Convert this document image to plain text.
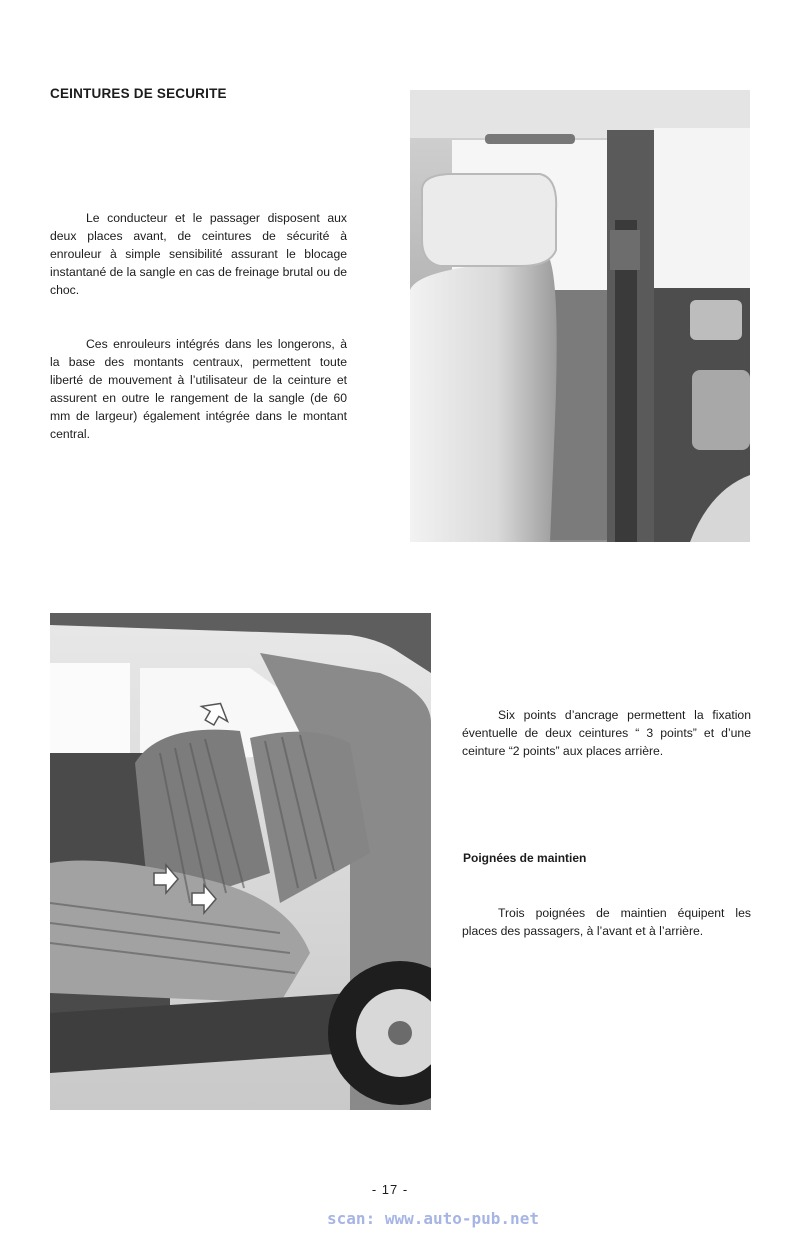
CEINTURES DE SECURITE

Le conducteur et le passager disposent aux deux places avant, de ceintures de sécurité à enrouleur à simple sensibilité assurant le blocage instantané de la sangle en cas de freinage brutal ou de choc.

Ces enrouleurs intégrés dans les longerons, à la base des montants centraux, permettent toute liberté de mouvement à l’utilisateur de la ceinture et assurent en outre le rangement de la sangle (de 60 mm de largeur) également intégrée dans le montant central.

Six points d’ancrage permettent la fixation éventuelle de deux ceintures “ 3 points” et d’une ceinture “2 points” aux places arrière.

Poignées de maintien

Trois poignées de maintien équipent les places des passagers, à l’avant et à l’arrière.

- 17 -
scan: www.auto-pub.net
